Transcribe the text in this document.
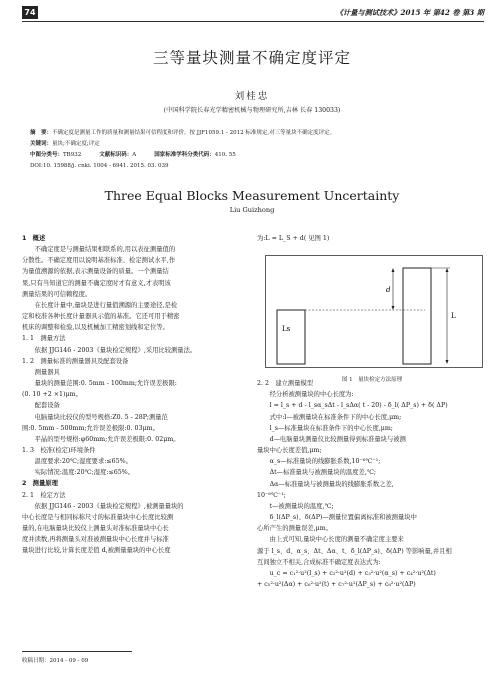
74	《计量与测试技术》2015 年 第42 卷 第3 期
三等量块测量不确定度评定
刘桂忠
(中国科学院长春光学精密机械与物理研究所,吉林 长春 130033)
摘　要：不确定度是测量工作的质量和测量结果可信程度和评价。按 JJF1059.1 - 2012 标准规定,对三等量块不确定度评定。
关键词：量块;不确定度;评定
中图分类号：TB932	文献标识码：A	国家标准学科分类代码：410. 55
DOI:10. 15988/j. cnki. 1004 - 6941. 2015. 03. 039
Three Equal Blocks Measurement Uncertainty
Liu Guizhong
1　概述
不确定度是与测量结果相联系的,用以表征测量值的
分散性。不确定度用以说明基准标准、检定测试水平,作
为量值溯源的依据,表示测量设备的质量。一个测量结
果,只有当知道它的测量不确定度时才有意义,才表明该
测量结果的可信赖程度。
在长度计量中,量块是进行量值溯源的主要途径,是检
定和校准各种长度计量器具示值的基准。它还可用于精密
机床的调整和检验,以及机械加工精密划线和定位等。
1. 1　测量方法
依据 JJG146 - 2003《量块检定规程》,采用比较测量法。
1. 2　测量标准的测量器具及配套设备
测量器具
量块的测量范围:0. 5mm - 100mm;允许误差极限:
(0. 10 +2 ×1)μm。
配套设备
电脑量块比较仪的型号规格:Z0. 5 - 28P;测量范
围:0. 5mm - 500mm;允许误差极限:0. 03μm。
平晶的型号规格:φ60mm;允许误差极限:0. 02μm。
1. 3　校准(检定)环境条件
温度要求:20℃;湿度要求:≤65%。
实际情况:温度:20℃;湿度:≤65%。
2　测量原理
2. 1　检定方法
依据 JJG146 - 2003《量块检定规程》,被测量量块的
中心长度是与相同标称尺寸的标准量块中心长度比较测
量的,在电脑量块比较仪上测量头对准标准量块中心长
度并读数,再将测量头对准被测量块中心长度并与标准
量块进行比较,计算长度差值 d,被测量量块的中心长度
为:L = L_S + d( 见图 1)
2. 2　建立测量模型
经分析被测量块的中心长度为:
l = l_s + d - l_sα_sΔt - l_sΔα( t - 20) - δ_l( ΔP_s) + δ( ΔP)
式中:l—被测量块在标准条件下的中心长度,μm;
l_s—标准量块在标准条件下的中心长度,μm;
d—电脑量块测量仪比较测量得到标准量块与被测
量块中心长度差值,μm;
α_s—标准量块的线膨胀系数,10⁻⁶℃⁻¹;
Δt—标准量块与被测量块的温度差,℃;
Δα—标准量块与被测量块的线膨胀系数之差,
10⁻⁶℃⁻¹;
t—被测量块的温度,℃;
δ_l(ΔP_s)、δ(ΔP)—测量位置偏离标准和被测量块中
心所产生的测量误差,μm。
由上式可知,量块中心长度的测量不确定度主要来
源于 l_s、d、α_s、Δt、Δα、t、δ_l(ΔP_s)、δ(ΔP) 等影响量,并且相
互间独立不相关,合成标准不确定度表达式为:
u_c = c₁²·u²(l_s) + c₂²·u²(d) + c₃²·u²(α_s) + c₄²·u²(Δt)
+ c₅²·u²(Δα) + c₆²·u²(t) + c₇²·u²(ΔP_s) + c₈²·u²(ΔP)
Ls
d
L
图 1　量块检定方法原理
收稿日期：2014 - 09 - 09
